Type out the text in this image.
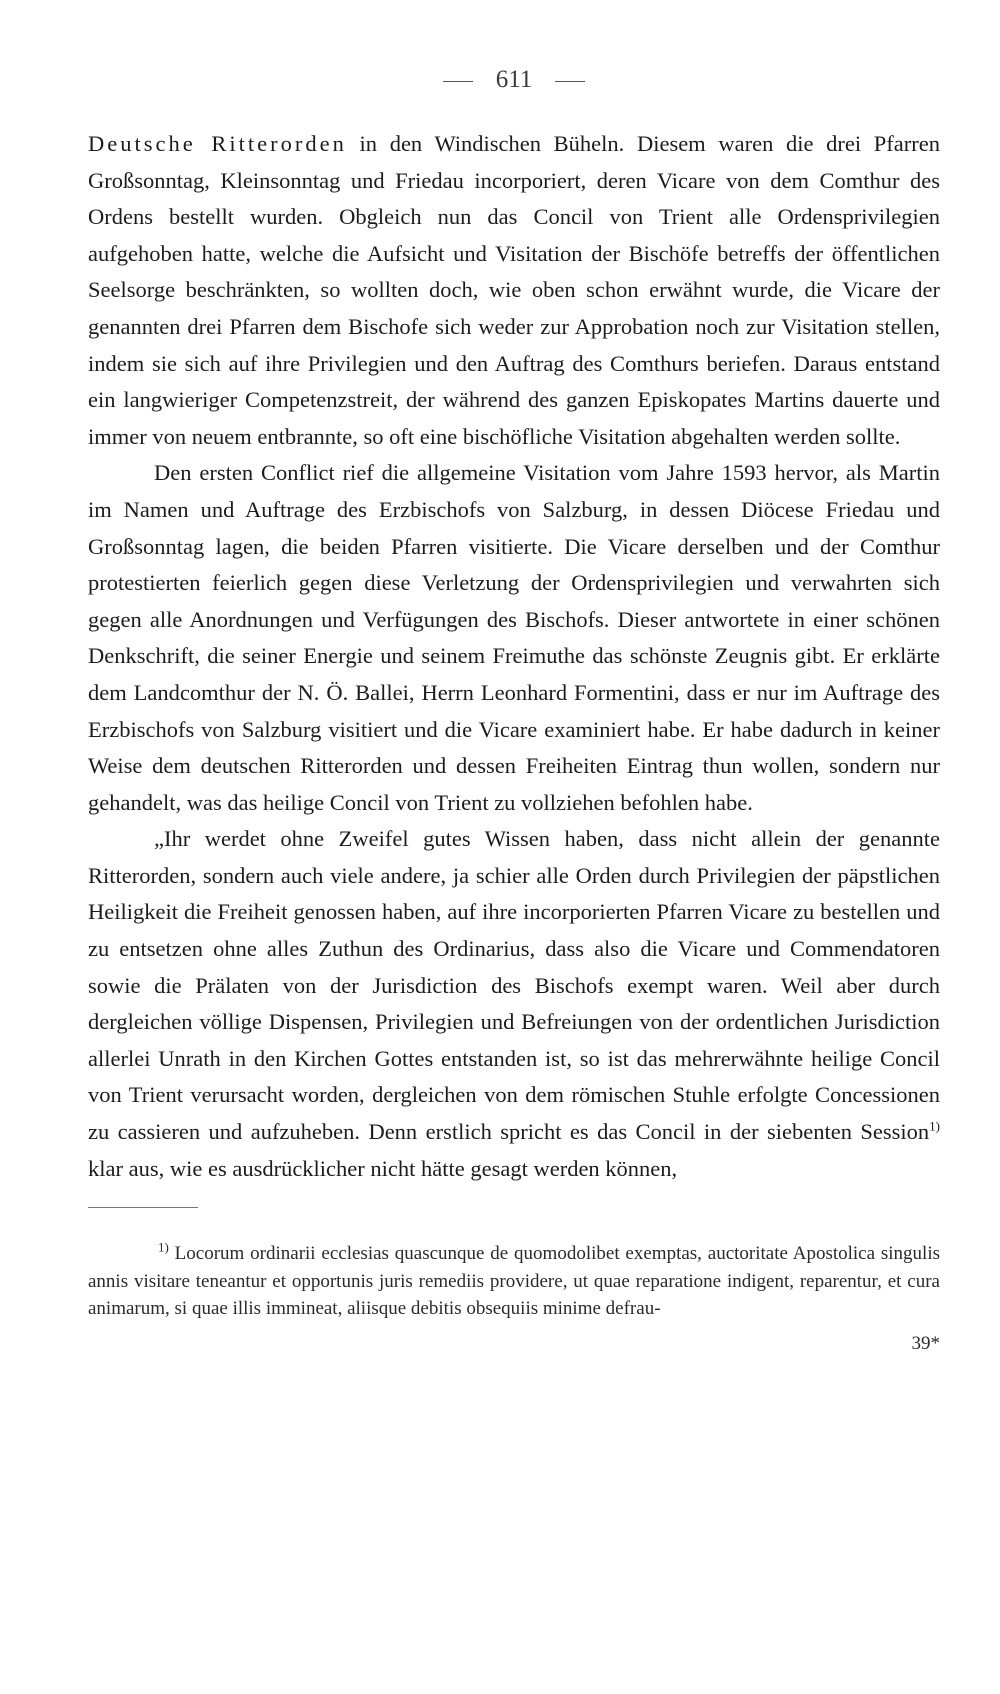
611

Deutsche Ritterorden in den Windischen Büheln. Diesem waren die drei Pfarren Großsonntag, Kleinsonntag und Friedau incorporiert, deren Vicare von dem Comthur des Ordens bestellt wurden. Obgleich nun das Concil von Trient alle Ordensprivilegien aufgehoben hatte, welche die Aufsicht und Visitation der Bischöfe betreffs der öffentlichen Seelsorge beschränkten, so wollten doch, wie oben schon erwähnt wurde, die Vicare der genannten drei Pfarren dem Bischofe sich weder zur Approbation noch zur Visitation stellen, indem sie sich auf ihre Privilegien und den Auftrag des Comthurs beriefen. Daraus entstand ein langwieriger Competenzstreit, der während des ganzen Episkopates Martins dauerte und immer von neuem entbrannte, so oft eine bischöfliche Visitation abgehalten werden sollte.

Den ersten Conflict rief die allgemeine Visitation vom Jahre 1593 hervor, als Martin im Namen und Auftrage des Erzbischofs von Salzburg, in dessen Diöcese Friedau und Großsonntag lagen, die beiden Pfarren visitierte. Die Vicare derselben und der Comthur protestierten feierlich gegen diese Verletzung der Ordensprivilegien und verwahrten sich gegen alle Anordnungen und Verfügungen des Bischofs. Dieser antwortete in einer schönen Denkschrift, die seiner Energie und seinem Freimuthe das schönste Zeugnis gibt. Er erklärte dem Landcomthur der N. Ö. Ballei, Herrn Leonhard Formentini, dass er nur im Auftrage des Erzbischofs von Salzburg visitiert und die Vicare examiniert habe. Er habe dadurch in keiner Weise dem deutschen Ritterorden und dessen Freiheiten Eintrag thun wollen, sondern nur gehandelt, was das heilige Concil von Trient zu vollziehen befohlen habe.

„Ihr werdet ohne Zweifel gutes Wissen haben, dass nicht allein der genannte Ritterorden, sondern auch viele andere, ja schier alle Orden durch Privilegien der päpstlichen Heiligkeit die Freiheit genossen haben, auf ihre incorporierten Pfarren Vicare zu bestellen und zu entsetzen ohne alles Zuthun des Ordinarius, dass also die Vicare und Commendatoren sowie die Prälaten von der Jurisdiction des Bischofs exempt waren. Weil aber durch dergleichen völlige Dispensen, Privilegien und Befreiungen von der ordentlichen Jurisdiction allerlei Unrath in den Kirchen Gottes entstanden ist, so ist das mehrerwähnte heilige Concil von Trient verursacht worden, dergleichen von dem römischen Stuhle erfolgte Concessionen zu cassieren und aufzuheben. Denn erstlich spricht es das Concil in der siebenten Session$^{1)}$ klar aus, wie es ausdrücklicher nicht hätte gesagt werden können,

$^{1)}$ Locorum ordinarii ecclesias quascunque de quomodolibet exemptas, auctoritate Apostolica singulis annis visitare teneantur et opportunis juris remediis providere, ut quae reparatione indigent, reparentur, et cura animarum, si quae illis immineat, aliisque debitis obsequiis minime defrau-

39*
